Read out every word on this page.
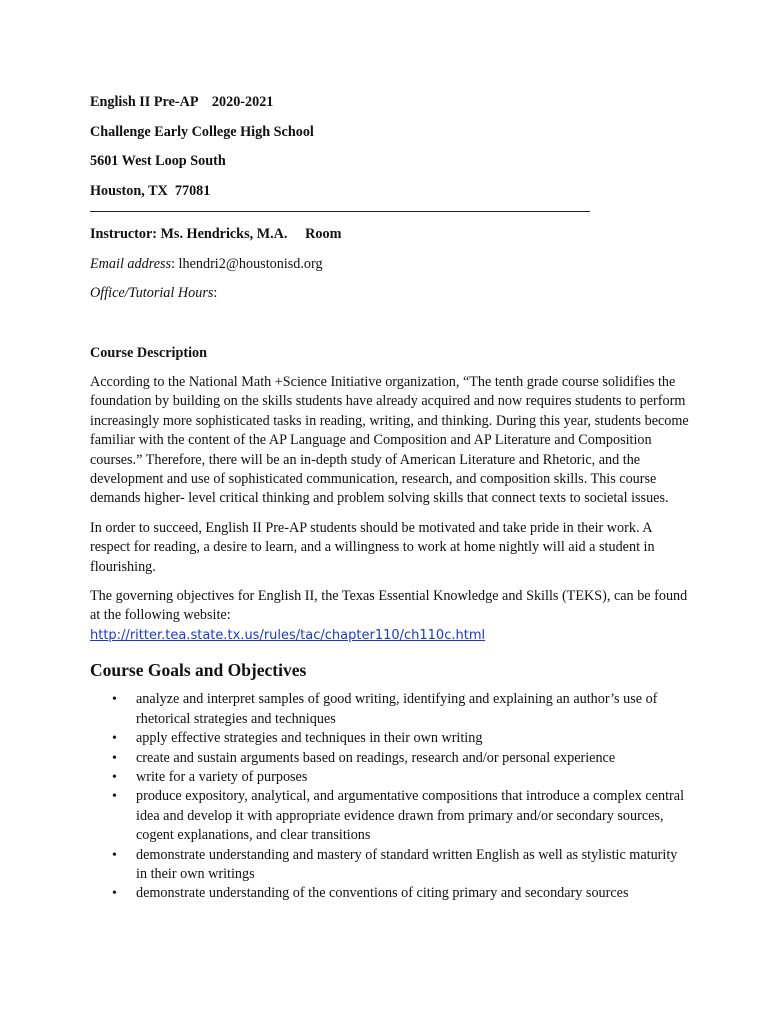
English II Pre-AP    2020-2021
Challenge Early College High School
5601 West Loop South
Houston, TX  77081
Instructor: Ms. Hendricks, M.A.     Room
Email address: lhendri2@houstonisd.org
Office/Tutorial Hours:
Course Description

According to the National Math +Science Initiative organization, “The tenth grade course solidifies the foundation by building on the skills students have already acquired and now requires students to perform increasingly more sophisticated tasks in reading, writing, and thinking. During this year, students become familiar with the content of the AP Language and Composition and AP Literature and Composition courses.” Therefore, there will be an in-depth study of American Literature and Rhetoric, and the development and use of sophisticated communication, research, and composition skills. This course demands higher- level critical thinking and problem solving skills that connect texts to societal issues.

In order to succeed, English II Pre-AP students should be motivated and take pride in their work. A respect for reading, a desire to learn, and a willingness to work at home nightly will aid a student in flourishing.

The governing objectives for English II, the Texas Essential Knowledge and Skills (TEKS), can be found at the following website:
http://ritter.tea.state.tx.us/rules/tac/chapter110/ch110c.html

Course Goals and Objectives
• analyze and interpret samples of good writing, identifying and explaining an author’s use of rhetorical strategies and techniques
• apply effective strategies and techniques in their own writing
• create and sustain arguments based on readings, research and/or personal experience
• write for a variety of purposes
• produce expository, analytical, and argumentative compositions that introduce a complex central idea and develop it with appropriate evidence drawn from primary and/or secondary sources, cogent explanations, and clear transitions
• demonstrate understanding and mastery of standard written English as well as stylistic maturity in their own writings
• demonstrate understanding of the conventions of citing primary and secondary sources
